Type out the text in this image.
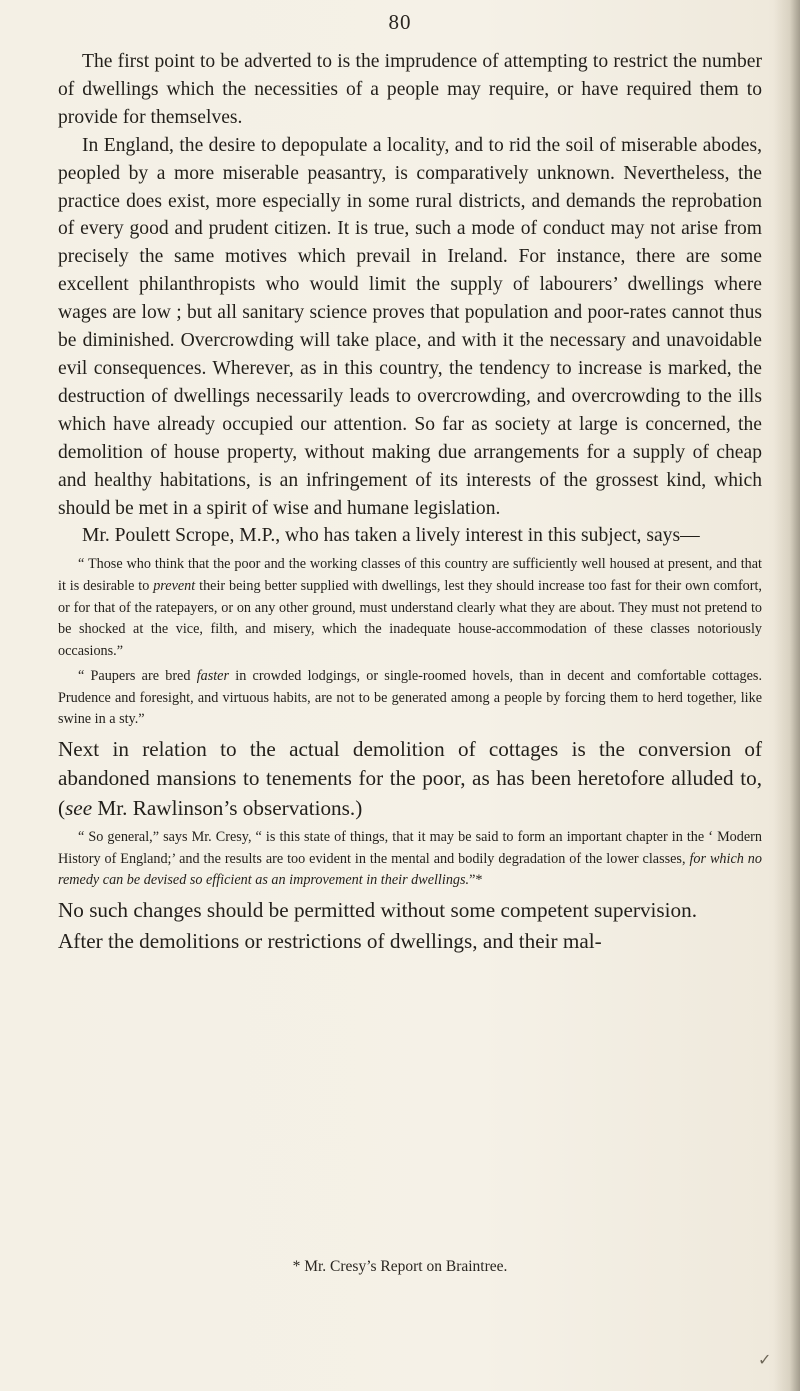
80

The first point to be adverted to is the imprudence of attempting to restrict the number of dwellings which the necessities of a people may require, or have required them to provide for themselves.

In England, the desire to depopulate a locality, and to rid the soil of miserable abodes, peopled by a more miserable peasantry, is comparatively unknown. Nevertheless, the practice does exist, more especially in some rural districts, and demands the reprobation of every good and prudent citizen. It is true, such a mode of conduct may not arise from precisely the same motives which prevail in Ireland. For instance, there are some excellent philanthropists who would limit the supply of labourers’ dwellings where wages are low ; but all sanitary science proves that population and poor-rates cannot thus be diminished. Overcrowding will take place, and with it the necessary and unavoidable evil consequences. Wherever, as in this country, the tendency to increase is marked, the destruction of dwellings necessarily leads to overcrowding, and overcrowding to the ills which have already occupied our attention. So far as society at large is concerned, the demolition of house property, without making due arrangements for a supply of cheap and healthy habitations, is an infringement of its interests of the grossest kind, which should be met in a spirit of wise and humane legislation.

Mr. Poulett Scrope, M.P., who has taken a lively interest in this subject, says—

“ Those who think that the poor and the working classes of this country are sufficiently well housed at present, and that it is desirable to prevent their being better supplied with dwellings, lest they should increase too fast for their own comfort, or for that of the ratepayers, or on any other ground, must understand clearly what they are about. They must not pretend to be shocked at the vice, filth, and misery, which the inadequate house-accommodation of these classes notoriously occasions.”

“ Paupers are bred faster in crowded lodgings, or single-roomed hovels, than in decent and comfortable cottages. Prudence and foresight, and virtuous habits, are not to be generated among a people by forcing them to herd together, like swine in a sty.”

Next in relation to the actual demolition of cottages is the conversion of abandoned mansions to tenements for the poor, as has been heretofore alluded to, (see Mr. Rawlinson’s observations.)

“ So general,” says Mr. Cresy, “ is this state of things, that it may be said to form an important chapter in the ‘ Modern History of England;’ and the results are too evident in the mental and bodily degradation of the lower classes, for which no remedy can be devised so efficient as an improvement in their dwellings.”*

No such changes should be permitted without some competent supervision.

After the demolitions or restrictions of dwellings, and their mal-

* Mr. Cresy’s Report on Braintree.
✓
